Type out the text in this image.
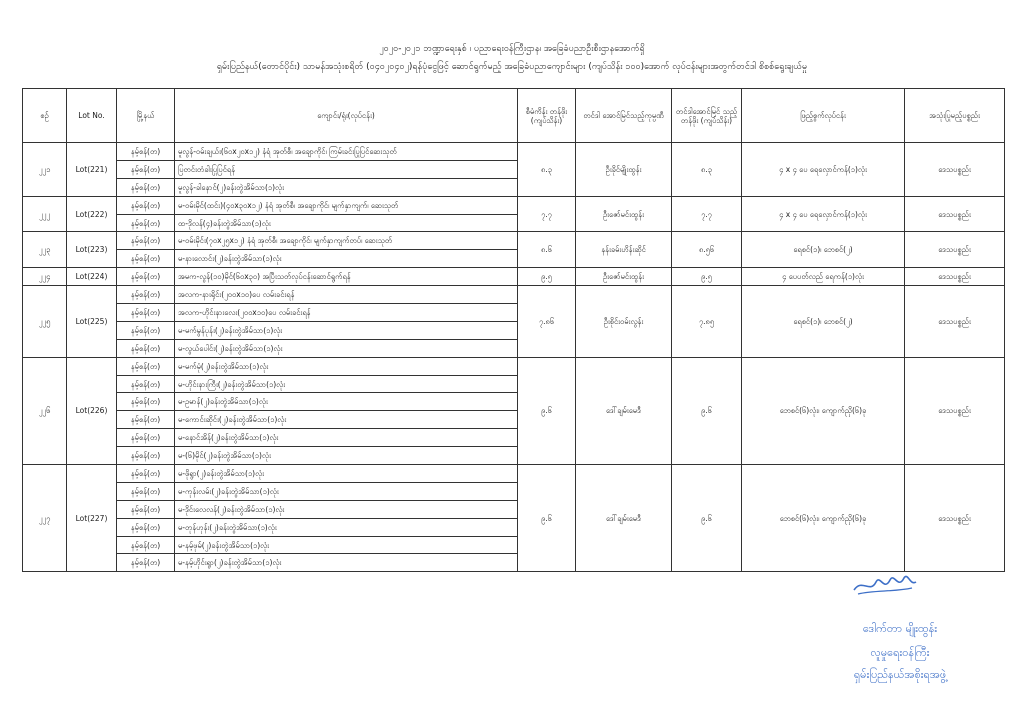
၂၀၂၀-၂၀၂၁ ဘဏ္ဍာရေးနှစ် ၊ ပညာရေးဝန်ကြီးဌာန၊ အခြေခံပညာဦးစီးဌာနအောက်ရှိ
ရှမ်းပြည်နယ်(တောင်ပိုင်း) သာမန်အသုံးစရိတ် (ဝ၄၀၂၀၄ဝ၂)ရန်ပုံငွေဖြင့် ဆောင်ရွက်မည့် အခြေခံပညာကျောင်းများ (ကျပ်သိန်း ၁၀၀)အောက် လုပ်ငန်းများအတွက်တင်ဒါ စိစစ်ရွေးချယ်မှု
စဉ်	Lot No.	မြို့နယ်	ကျောင်း/ရုံး(လုပ်ငန်း)	စီမံကိန်း တန်ဖိုး (ကျပ်သိန်း)	တင်ဒါ အောင်မြင်သည့်ကုမ္ပဏီ	တင်ဒါအောင်မြင် သည့်တန်ဖိုး (ကျပ်သိန်း)	ဖြည့်စွက်လုပ်ငန်း	အသုံးပြုမည့်ပစ္စည်း
၂၂၁	Lot(221)	နမ့်စန်(တ)	မူလွန်-ဝမ်းချယ်း(၆၀x၂၀x၁၂) နံရံ အုတ်စီ၊ အချောကိုင်၊ ကြမ်းခင်းပြုပြင်ဆေးသုတ်	၈.၃	ဦးခိုင်မျိုးထွန်း	၈.၃	၄ x ၄ ပေ ရေလှောင်ကန်(၁)လုံး	ဒေသပစ္စည်း
		နမ့်စန်(တ)	ပြတင်းတံခါးပြုပြင်ရန်					
		နမ့်စန်(တ)	မူလွန်-ခါနောင်(၂)ခန်းတွဲအိမ်သာ(၁)လုံး					
၂၂၂	Lot(222)	နမ့်စန်(တ)	မ-ဝမ်းမိုင်(ထင်း)(၄၀x၃၀x၁၂) နံရံ အုတ်စီ၊ အချောကိုင်၊ မျက်နှာကျက်၊ ဆေးသုတ်	၇.၇	ဦးဇော်မင်းထွန်း	၇.၇	၄ x ၄ ပေ ရေလှောင်ကန်(၁)လုံး	ဒေသပစ္စည်း
		နမ့်စန်(တ)	ထ-ဒိုလန်(၄)ခန်းတွဲအိမ်သာ(၁)လုံး					
၂၂၃	Lot(223)	နမ့်စန်(တ)	မ-ဝမ်းမိုင်း(၇၀x၂၅x၁၂) နံရံ အုတ်စီ၊ အချောကိုင်၊ မျက်နှာကျက်တပ်၊ ဆေးသုတ်	၈.၆	နန်းခမ်းဟိန်းဆိုင်	၈.၅၆	ရေစင်(၁)၊ ဘေစင်(၂)	ဒေသပစ္စည်း
		နမ့်စန်(တ)	မ-နားလောင်း(၂)ခန်းတွဲအိမ်သာ(၁)လုံး					
၂၂၄	Lot(224)	နမ့်စန်(တ)	အမက-လွန်(၁၀)မိုင်(၆၀x၃၀) အပြီးသတ်လုပ်ငန်းဆောင်ရွက်ရန်	၉.၅	ဦးဇော်မင်းထွန်း	၉.၅	၄ ပေပတ်လည် ရေကန်(၁)လုံး	ဒေသပစ္စည်း
၂၂၅	Lot(225)	နမ့်စန်(တ)	အလက-နားရိုင်း(၂၀၀x၁၀)ပေ လမ်းခင်းရန်	၇.၈၆	ဦးစိုင်းဝမ်းလွန်း	၇.၈၅	ရေစင်(၁)၊ ဘေစင်(၂)	ဒေသပစ္စည်း
		နမ့်စန်(တ)	အလက-ဟိုင်းနားလေး(၂၀၀x၁၀)ပေ လမ်းခင်းရန်					
		နမ့်စန်(တ)	မ-မက်မွန်ပုန်း(၂)ခန်းတွဲအိမ်သာ(၁)လုံး					
		နမ့်စန်(တ)	မ-လွယ်ပေါင်း(၂)ခန်းတွဲအိမ်သာ(၁)လုံး					
၂၂၆	Lot(226)	နမ့်စန်(တ)	မ-မက်မုံ(၂)ခန်းတွဲအိမ်သာ(၁)လုံး	၉.၆	ဒေါ်ချမ်းမေဒီ	၉.၆	ဘေစင်(၆)လုံး၊ ကျောက်ညှိ(၆)ခု	ဒေသပစ္စည်း
		နမ့်စန်(တ)	မ-ဟိုင်းနားကြီး(၂)ခန်းတွဲအိမ်သာ(၁)လုံး					
		နမ့်စန်(တ)	မ-ဥမာန်(၂)ခန်းတွဲအိမ်သာ(၁)လုံး					
		နမ့်စန်(တ)	မ-ကောင်းဆိုင်း(၂)ခန်းတွဲအိမ်သာ(၁)လုံး					
		နမ့်စန်(တ)	မ-နောင်အိန်(၂)ခန်းတွဲအိမ်သာ(၁)လုံး					
		နမ့်စန်(တ)	မ-(၆)မိုင်(၂)ခန်းတွဲအိမ်သာ(၁)လုံး					
၂၂၇	Lot(227)	နမ့်စန်(တ)	မ-ဖိုရွာ(၂)ခန်းတွဲအိမ်သာ(၁)လုံး	၉.၆	ဒေါ်ချမ်းမေဒီ	၉.၆	ဘေစင်(၆)လုံး၊ ကျောက်ညှိ(၆)ခု	ဒေသပစ္စည်း
		နမ့်စန်(တ)	မ-ကုန်းလမ်း(၂)ခန်းတွဲအိမ်သာ(၁)လုံး					
		နမ့်စန်(တ)	မ-ဒိုင်းလေလန်(၂)ခန်းတွဲအိမ်သာ(၁)လုံး					
		နမ့်စန်(တ)	မ-တုန်ဟုန်း(၂)ခန်းတွဲအိမ်သာ(၁)လုံး					
		နမ့်စန်(တ)	မ-နမ့်ဖုမ်(၂)ခန်းတွဲအိမ်သာ(၁)လုံး					
		နမ့်စန်(တ)	မ-နမ့်ဟိုင်းရွာ(၂)ခန်းတွဲအိမ်သာ(၁)လုံး					
ဒေါက်တာ မျိုးထွန်း
လူမှုရေးဝန်ကြီး
ရှမ်းပြည်နယ်အစိုးရအဖွဲ့
